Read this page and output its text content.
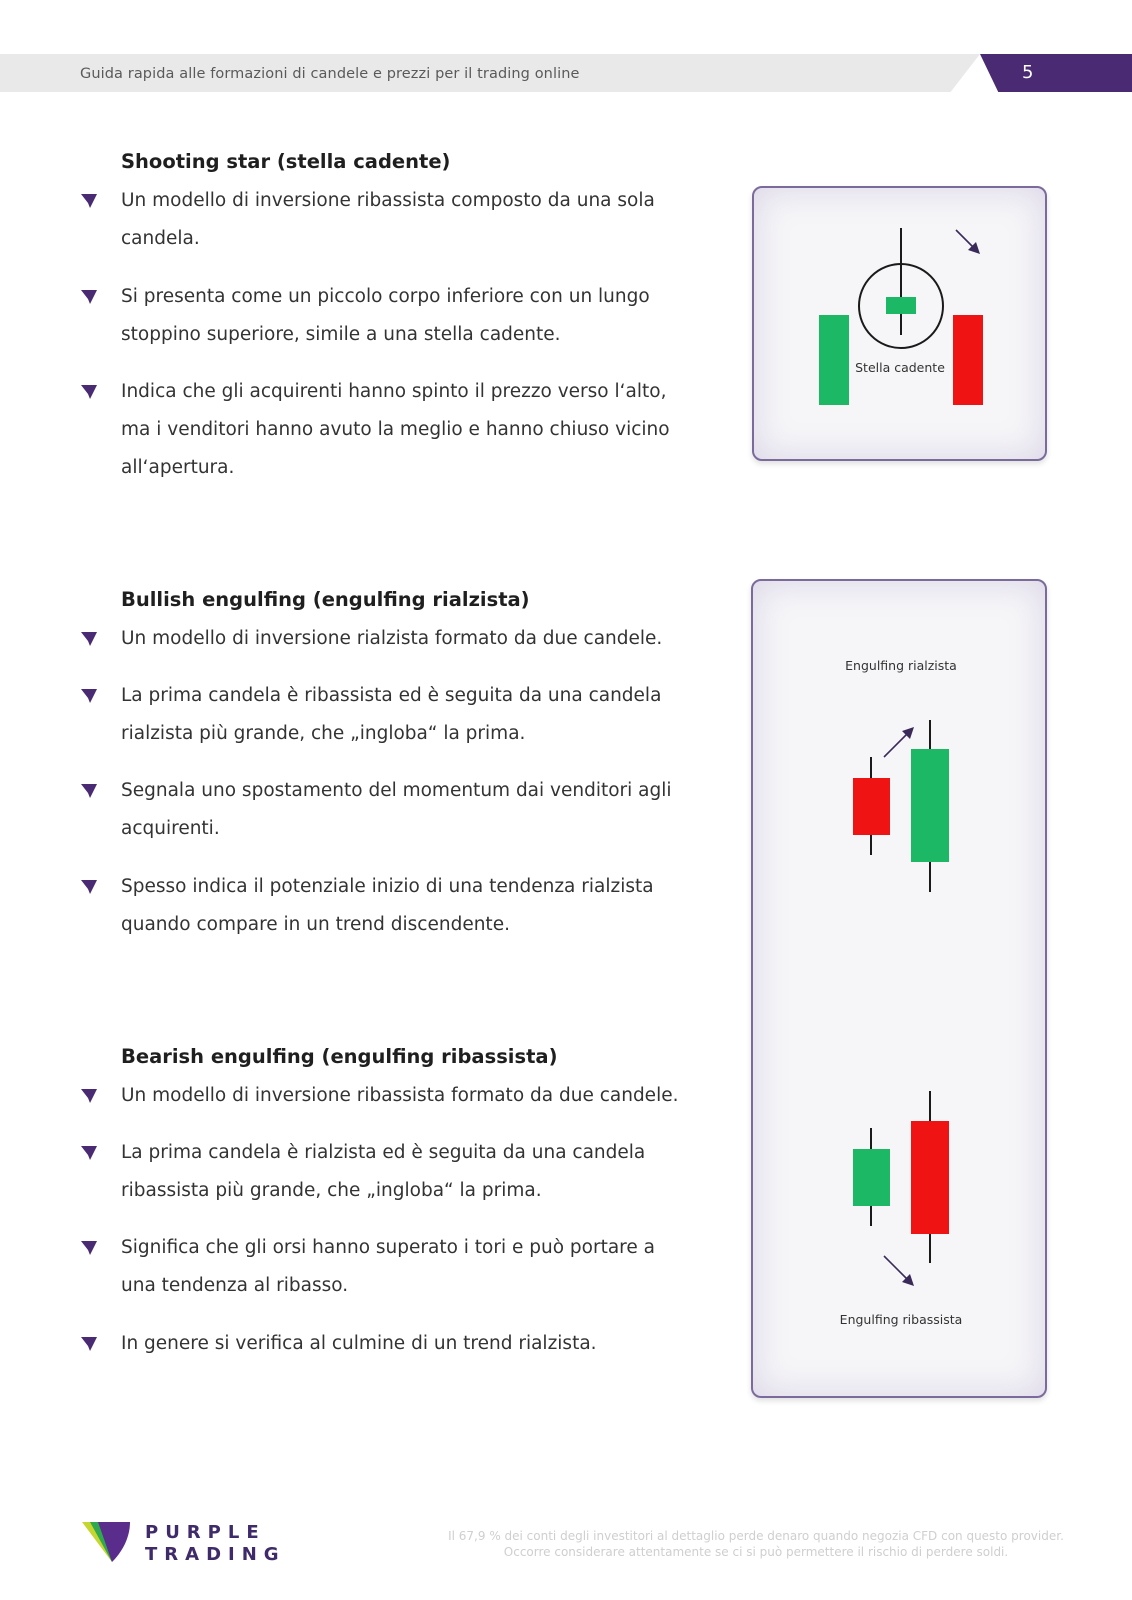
Guida rapida alle formazioni di candele e prezzi per il trading online	5
Shooting star (stella cadente)

Un modello di inversione ribassista composto da una sola candela.

Si presenta come un piccolo corpo inferiore con un lungo stoppino superiore, simile a una stella cadente.

Indica che gli acquirenti hanno spinto il prezzo verso l‘alto, ma i venditori hanno avuto la meglio e hanno chiuso vicino all‘apertura.

Stella cadente
Bullish engulfing (engulfing rialzista)

Un modello di inversione rialzista formato da due candele.

La prima candela è ribassista ed è seguita da una candela rialzista più grande, che „ingloba“ la prima.

Segnala uno spostamento del momentum dai venditori agli acquirenti.

Spesso indica il potenziale inizio di una tendenza rialzista quando compare in un trend discendente.

Engulfing rialzista
Engulfing ribassista
Bearish engulfing (engulfing ribassista)

Un modello di inversione ribassista formato da due candele.

La prima candela è rialzista ed è seguita da una candela ribassista più grande, che „ingloba“ la prima.

Significa che gli orsi hanno superato i tori e può portare a una tendenza al ribasso.

In genere si verifica al culmine di un trend rialzista.

PURPLE
TRADING
Il 67,9 % dei conti degli investitori al dettaglio perde denaro quando negozia CFD con questo provider. Occorre considerare attentamente se ci si può permettere il rischio di perdere soldi.
